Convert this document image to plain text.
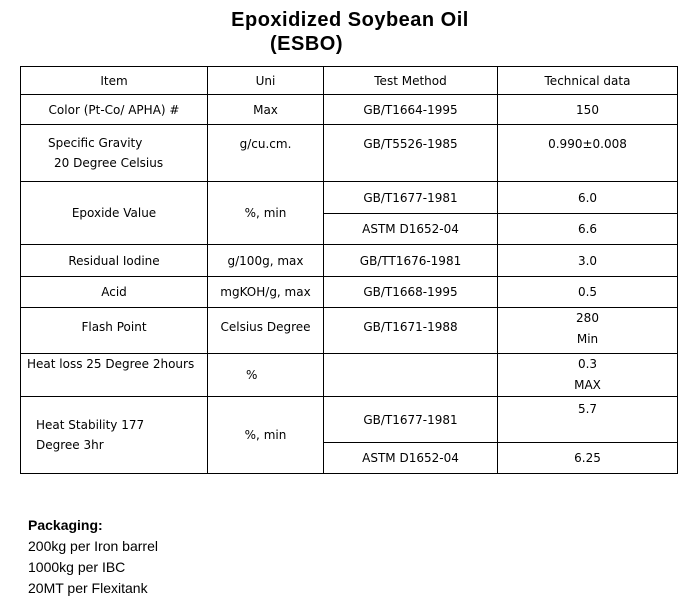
Epoxidized Soybean Oil
(ESBO)
Item	Uni	Test Method	Technical data
Color (Pt-Co/ APHA) #	Max	GB/T1664-1995	150

Specific Gravity
20 Degree Celsius	g/cu.cm.	GB/T5526-1985	0.990±0.008
Epoxide Value	%, min	GB/T1677-1981	6.0
		ASTM D1652-04	6.6
Residual Iodine	g/100g, max	GB/TT1676-1981	3.0
Acid	mgKOH/g, max	GB/T1668-1995	0.5
Flash Point	Celsius Degree	GB/T1671-1988	280
Min

Heat loss 25 Degree 2hours	%		0.3
MAX

Heat Stability 177 Degree 3hr	%, min	GB/T1677-1981	5.7
		ASTM D1652-04	6.25
Packaging:
200kg per Iron barrel
1000kg per IBC
20MT per Flexitank
